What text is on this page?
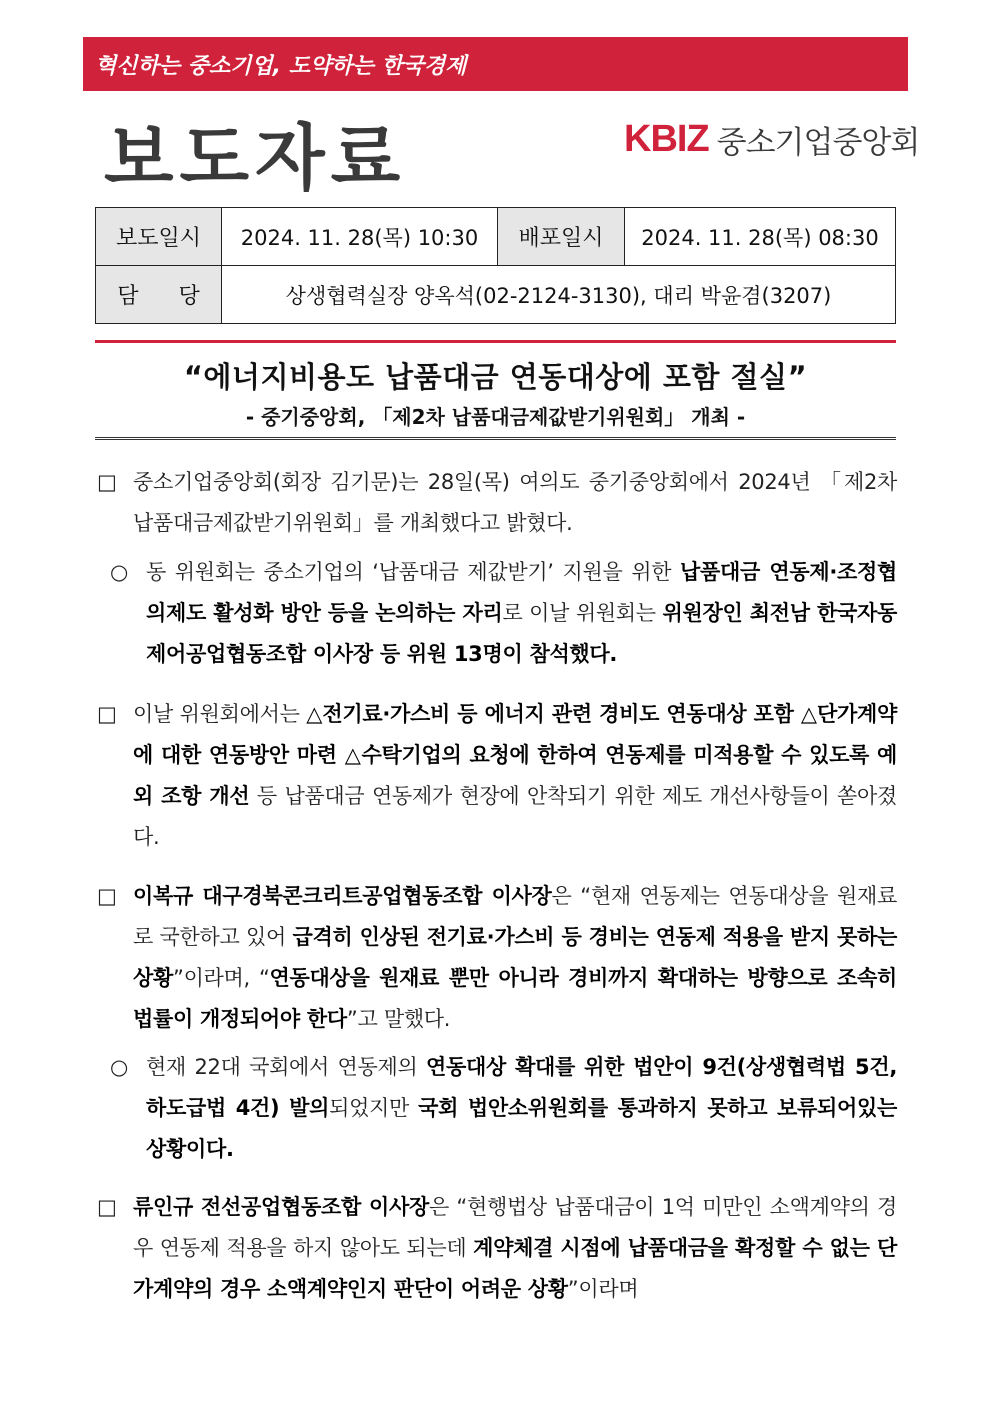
혁신하는 중소기업, 도약하는 한국경제
보도자료	KBIZ 중소기업중앙회
보도일시	2024. 11. 28(목) 10:30	배포일시	2024. 11. 28(목) 08:30
담당	상생협력실장 양옥석(02-2124-3130), 대리 박윤겸(3207)		
“에너지비용도 납품대금 연동대상에 포함 절실”
- 중기중앙회, 「제2차 납품대금제값받기위원회」 개최 -
□ 중소기업중앙회(회장 김기문)는 28일(목) 여의도 중기중앙회에서 2024년 「제2차 납품대금제값받기위원회」를 개최했다고 밝혔다.
○ 동 위원회는 중소기업의 ‘납품대금 제값받기’ 지원을 위한 납품대금 연동제·조정협의제도 활성화 방안 등을 논의하는 자리로 이날 위원회는 위원장인 최전남 한국자동제어공업협동조합 이사장 등 위원 13명이 참석했다.
□ 이날 위원회에서는 △전기료·가스비 등 에너지 관련 경비도 연동대상 포함 △단가계약에 대한 연동방안 마련 △수탁기업의 요청에 한하여 연동제를 미적용할 수 있도록 예외 조항 개선 등 납품대금 연동제가 현장에 안착되기 위한 제도 개선사항들이 쏟아졌다.
□ 이복규 대구경북콘크리트공업협동조합 이사장은 “현재 연동제는 연동대상을 원재료로 국한하고 있어 급격히 인상된 전기료·가스비 등 경비는 연동제 적용을 받지 못하는 상황”이라며, “연동대상을 원재료 뿐만 아니라 경비까지 확대하는 방향으로 조속히 법률이 개정되어야 한다”고 말했다.
○ 현재 22대 국회에서 연동제의 연동대상 확대를 위한 법안이 9건(상생협력법 5건, 하도급법 4건) 발의되었지만 국회 법안소위원회를 통과하지 못하고 보류되어있는 상황이다.
□ 류인규 전선공업협동조합 이사장은 “현행법상 납품대금이 1억 미만인 소액계약의 경우 연동제 적용을 하지 않아도 되는데 계약체결 시점에 납품대금을 확정할 수 없는 단가계약의 경우 소액계약인지 판단이 어려운 상황”이라며
